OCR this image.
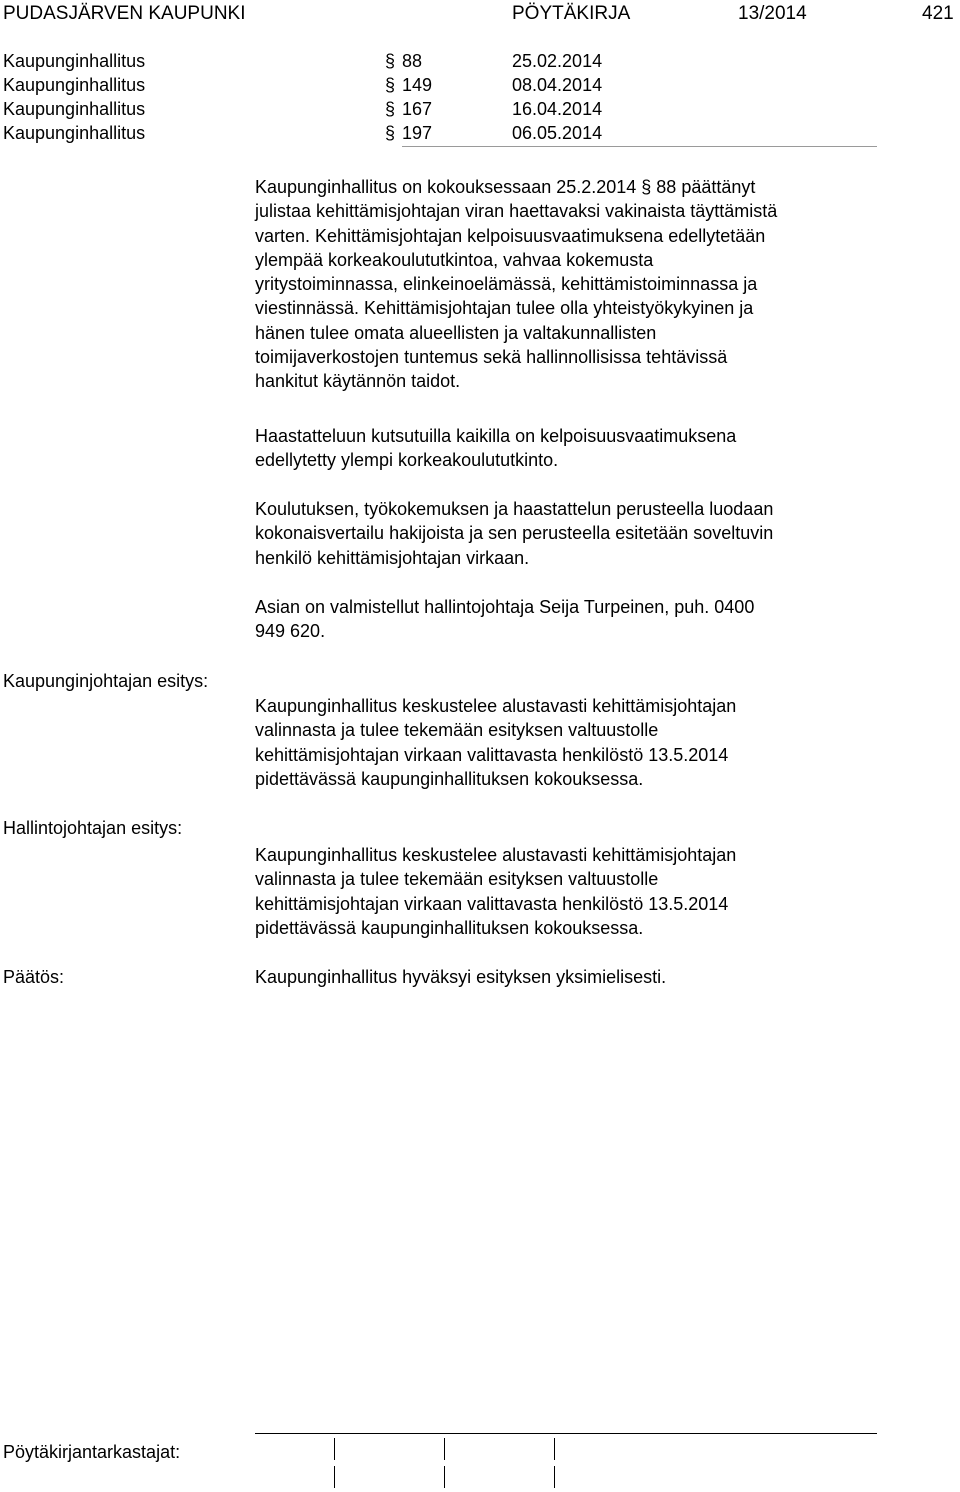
PUDASJÄRVEN KAUPUNKI	PÖYTÄKIRJA	13/2014	421
Kaupunginhallitus	§ 88	25.02.2014
Kaupunginhallitus	§ 149	08.04.2014
Kaupunginhallitus	§ 167	16.04.2014
Kaupunginhallitus	§ 197	06.05.2014
Kaupunginhallitus on kokouksessaan 25.2.2014 § 88 päättänyt
julistaa kehittämisjohtajan viran haettavaksi vakinaista täyttämistä
varten. Kehittämisjohtajan kelpoisuusvaatimuksena edellytetään
ylempää korkeakoulututkintoa, vahvaa kokemusta
yritystoiminnassa, elinkeinoelämässä, kehittämistoiminnassa ja
viestinnässä. Kehittämisjohtajan tulee olla yhteistyökykyinen ja
hänen tulee omata alueellisten ja valtakunnallisten
toimijaverkostojen tuntemus sekä hallinnollisissa tehtävissä
hankitut käytännön taidot.
Haastatteluun kutsutuilla kaikilla on kelpoisuusvaatimuksena
edellytetty ylempi korkeakoulututkinto.
Koulutuksen, työkokemuksen ja haastattelun perusteella luodaan
kokonaisvertailu hakijoista ja sen perusteella esitetään soveltuvin
henkilö kehittämisjohtajan virkaan.
Asian on valmistellut hallintojohtaja Seija Turpeinen, puh. 0400
949 620.
Kaupunginjohtajan esitys:
Kaupunginhallitus keskustelee alustavasti kehittämisjohtajan
valinnasta ja tulee tekemään esityksen valtuustolle
kehittämisjohtajan virkaan valittavasta henkilöstö 13.5.2014
pidettävässä kaupunginhallituksen kokouksessa.
Hallintojohtajan esitys:
Kaupunginhallitus keskustelee alustavasti kehittämisjohtajan
valinnasta ja tulee tekemään esityksen valtuustolle
kehittämisjohtajan virkaan valittavasta henkilöstö 13.5.2014
pidettävässä kaupunginhallituksen kokouksessa.
Päätös:	Kaupunginhallitus hyväksyi esityksen yksimielisesti.
Pöytäkirjantarkastajat:
